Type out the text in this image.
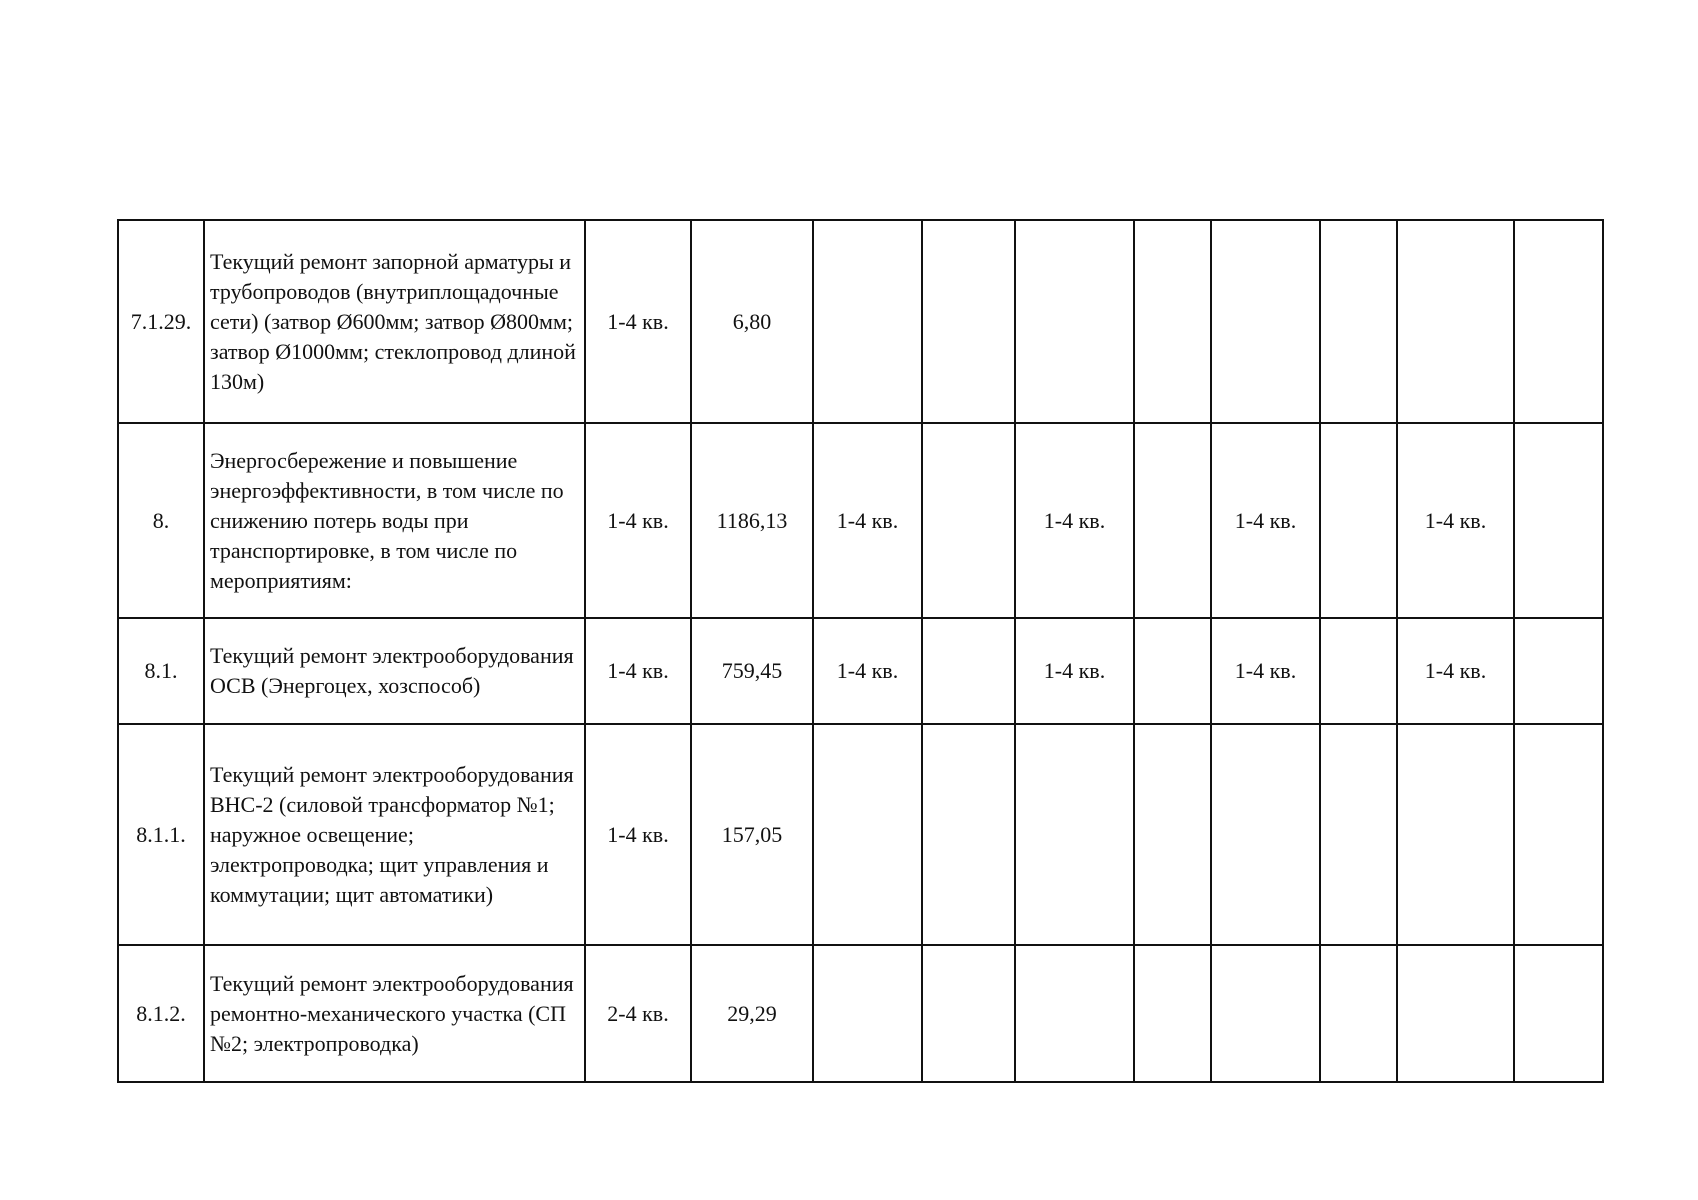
7.1.29.	Текущий ремонт запорной арматуры и трубопроводов (внутриплощадочные сети) (затвор Ø600мм; затвор Ø800мм; затвор Ø1000мм; стеклопровод длиной 130м)	1-4 кв.	6,80								
8.	Энергосбережение и повышение энергоэффективности, в том числе по снижению потерь воды при транспортировке, в том числе по мероприятиям:	1-4 кв.	1186,13	1-4 кв.		1-4 кв.		1-4 кв.		1-4 кв.	
8.1.	Текущий ремонт электрооборудования ОСВ (Энергоцех, хозспособ)	1-4 кв.	759,45	1-4 кв.		1-4 кв.		1-4 кв.		1-4 кв.	
8.1.1.	Текущий ремонт электрооборудования ВНС-2 (силовой трансформатор №1; наружное освещение; электропроводка; щит управления и коммутации; щит автоматики)	1-4 кв.	157,05								
8.1.2.	Текущий ремонт электрооборудования ремонтно-механического участка (СП №2; электропроводка)	2-4 кв.	29,29								
